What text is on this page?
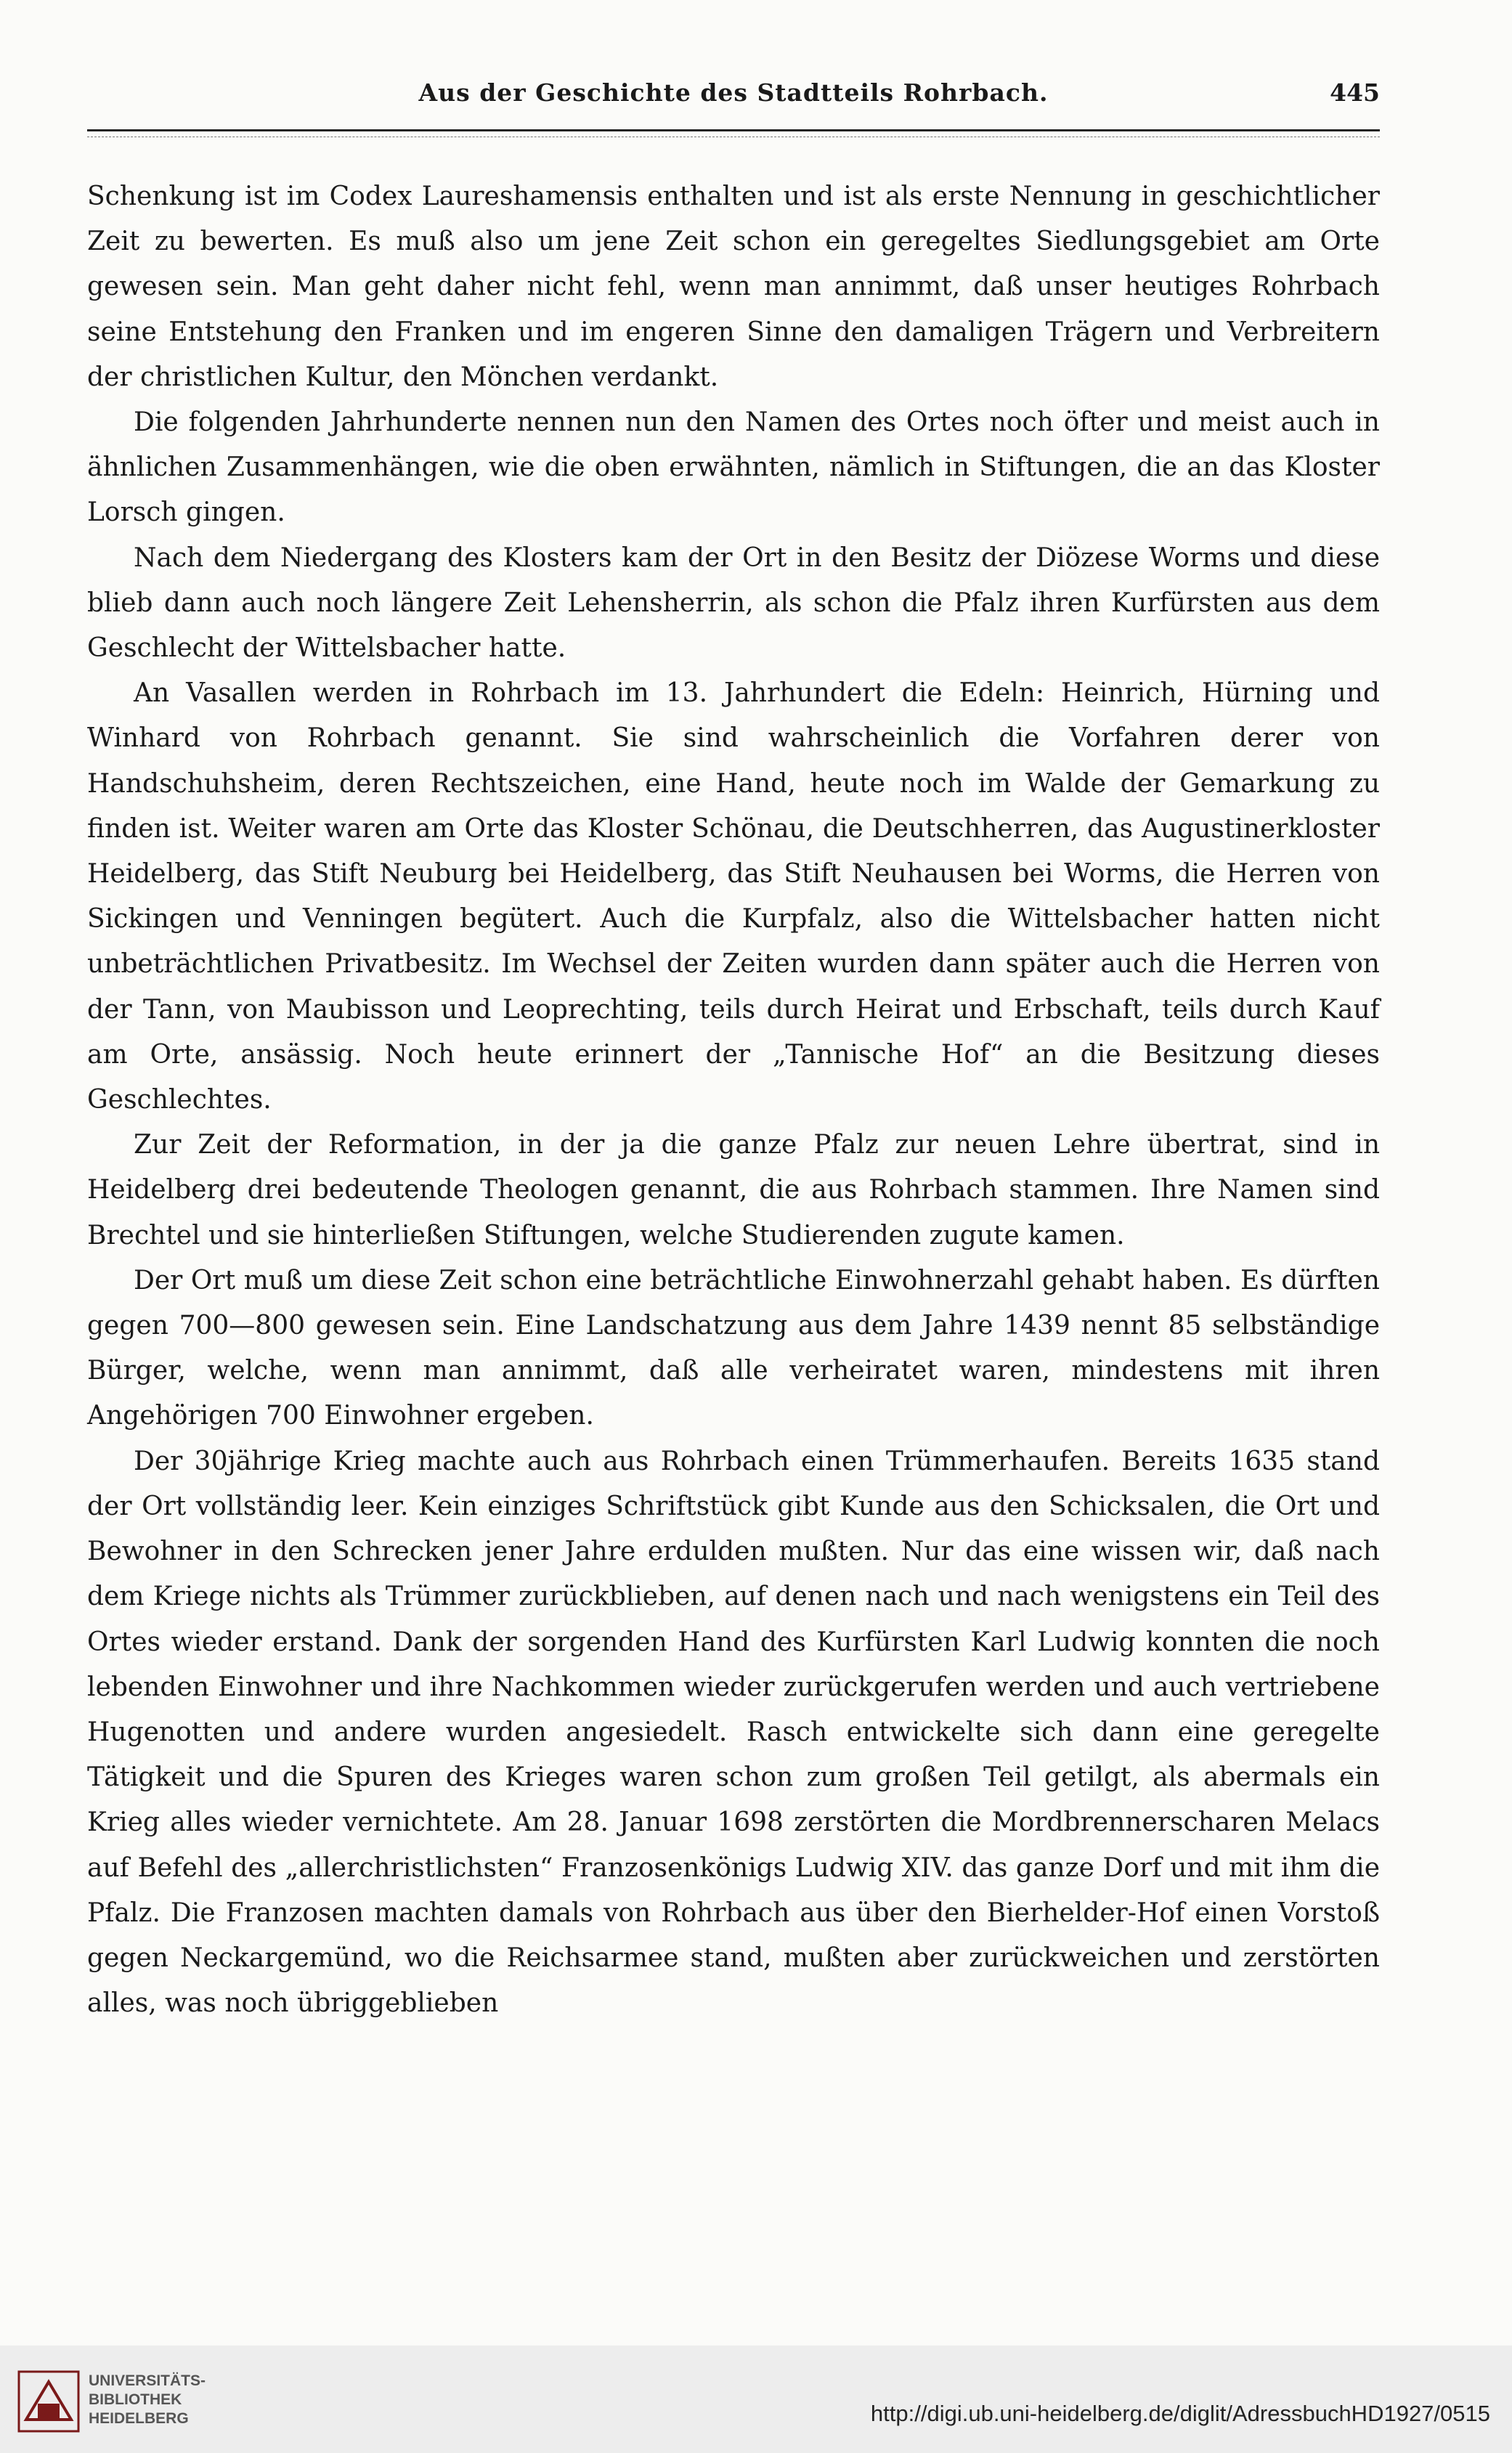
Aus der Geschichte des Stadtteils Rohrbach.	445

Schenkung ist im Codex Laureshamensis enthalten und ist als erste Nennung in geschichtlicher Zeit zu bewerten. Es muß also um jene Zeit schon ein geregeltes Siedlungsgebiet am Orte gewesen sein. Man geht daher nicht fehl, wenn man annimmt, daß unser heutiges Rohrbach seine Entstehung den Franken und im engeren Sinne den damaligen Trägern und Verbreitern der christlichen Kultur, den Mönchen verdankt.

Die folgenden Jahrhunderte nennen nun den Namen des Ortes noch öfter und meist auch in ähnlichen Zusammenhängen, wie die oben erwähnten, nämlich in Stiftungen, die an das Kloster Lorsch gingen.

Nach dem Niedergang des Klosters kam der Ort in den Besitz der Diözese Worms und diese blieb dann auch noch längere Zeit Lehensherrin, als schon die Pfalz ihren Kurfürsten aus dem Geschlecht der Wittelsbacher hatte.

An Vasallen werden in Rohrbach im 13. Jahrhundert die Edeln: Heinrich, Hürning und Winhard von Rohrbach genannt. Sie sind wahrscheinlich die Vorfahren derer von Handschuhsheim, deren Rechtszeichen, eine Hand, heute noch im Walde der Gemarkung zu finden ist. Weiter waren am Orte das Kloster Schönau, die Deutschherren, das Augustinerkloster Heidelberg, das Stift Neuburg bei Heidelberg, das Stift Neuhausen bei Worms, die Herren von Sickingen und Venningen begütert. Auch die Kurpfalz, also die Wittelsbacher hatten nicht unbeträchtlichen Privatbesitz. Im Wechsel der Zeiten wurden dann später auch die Herren von der Tann, von Maubisson und Leoprechting, teils durch Heirat und Erbschaft, teils durch Kauf am Orte, ansässig. Noch heute erinnert der „Tannische Hof“ an die Besitzung dieses Geschlechtes.

Zur Zeit der Reformation, in der ja die ganze Pfalz zur neuen Lehre übertrat, sind in Heidelberg drei bedeutende Theologen genannt, die aus Rohrbach stammen. Ihre Namen sind Brechtel und sie hinterließen Stiftungen, welche Studierenden zugute kamen.

Der Ort muß um diese Zeit schon eine beträchtliche Einwohnerzahl gehabt haben. Es dürften gegen 700—800 gewesen sein. Eine Landschatzung aus dem Jahre 1439 nennt 85 selbständige Bürger, welche, wenn man annimmt, daß alle verheiratet waren, mindestens mit ihren Angehörigen 700 Einwohner ergeben.

Der 30jährige Krieg machte auch aus Rohrbach einen Trümmerhaufen. Bereits 1635 stand der Ort vollständig leer. Kein einziges Schriftstück gibt Kunde aus den Schicksalen, die Ort und Bewohner in den Schrecken jener Jahre erdulden mußten. Nur das eine wissen wir, daß nach dem Kriege nichts als Trümmer zurückblieben, auf denen nach und nach wenigstens ein Teil des Ortes wieder erstand. Dank der sorgenden Hand des Kurfürsten Karl Ludwig konnten die noch lebenden Einwohner und ihre Nachkommen wieder zurückgerufen werden und auch vertriebene Hugenotten und andere wurden angesiedelt. Rasch entwickelte sich dann eine geregelte Tätigkeit und die Spuren des Krieges waren schon zum großen Teil getilgt, als abermals ein Krieg alles wieder vernichtete. Am 28. Januar 1698 zerstörten die Mordbrennerscharen Melacs auf Befehl des „allerchristlichsten“ Franzosenkönigs Ludwig XIV. das ganze Dorf und mit ihm die Pfalz. Die Franzosen machten damals von Rohrbach aus über den Bierhelder-Hof einen Vorstoß gegen Neckargemünd, wo die Reichsarmee stand, mußten aber zurückweichen und zerstörten alles, was noch übriggeblieben

UNIVERSITÄTS-
BIBLIOTHEK
HEIDELBERG	http://digi.ub.uni-heidelberg.de/diglit/AdressbuchHD1927/0515
